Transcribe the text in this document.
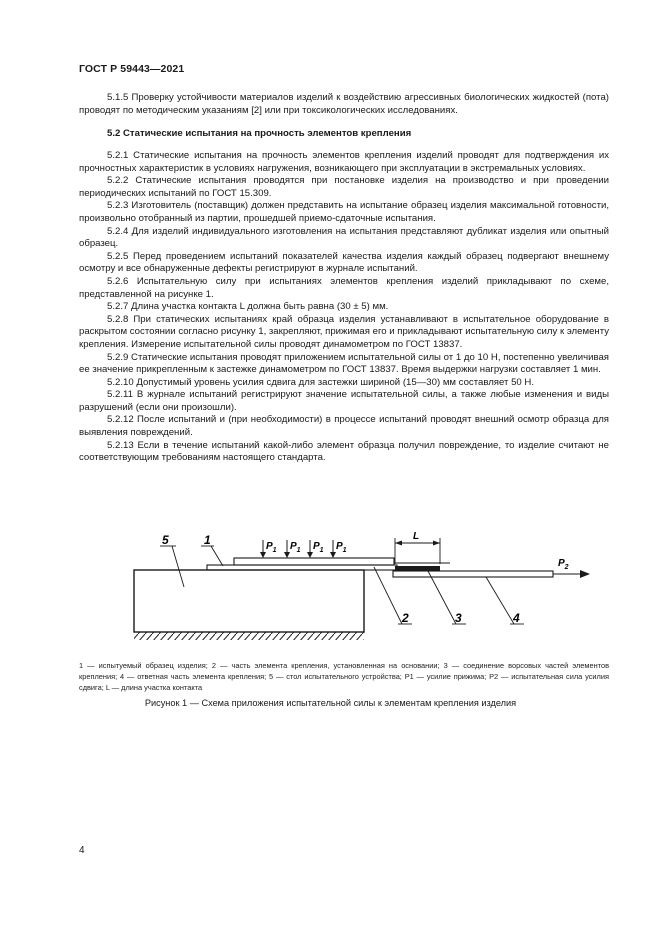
ГОСТ Р 59443—2021

5.1.5 Проверку устойчивости материалов изделий к воздействию агрессивных биологических жидкостей (пота) проводят по методическим указаниям [2] или при токсикологических исследованиях.

5.2 Статические испытания на прочность элементов крепления

5.2.1 Статические испытания на прочность элементов крепления изделий проводят для подтверждения их прочностных характеристик в условиях нагружения, возникающего при эксплуатации в экстремальных условиях.

5.2.2 Статические испытания проводятся при постановке изделия на производство и при проведении периодических испытаний по ГОСТ 15.309.

5.2.3 Изготовитель (поставщик) должен представить на испытание образец изделия максимальной готовности, произвольно отобранный из партии, прошедшей приемо-сдаточные испытания.

5.2.4 Для изделий индивидуального изготовления на испытания представляют дубликат изделия или опытный образец.

5.2.5 Перед проведением испытаний показателей качества изделия каждый образец подвергают внешнему осмотру и все обнаруженные дефекты регистрируют в журнале испытаний.

5.2.6 Испытательную силу при испытаниях элементов крепления изделий прикладывают по схеме, представленной на рисунке 1.

5.2.7 Длина участка контакта L должна быть равна (30 ± 5) мм.

5.2.8 При статических испытаниях край образца изделия устанавливают в испытательное оборудование в раскрытом состоянии согласно рисунку 1, закрепляют, прижимая его и прикладывают испытательную силу к элементу крепления. Измерение испытательной силы проводят динамометром по ГОСТ 13837.

5.2.9 Статические испытания проводят приложением испытательной силы от 1 до 10 Н, постепенно увеличивая ее значение прикрепленным к застежке динамометром по ГОСТ 13837. Время выдержки нагрузки составляет 1 мин.

5.2.10 Допустимый уровень усилия сдвига для застежки шириной (15—30) мм составляет 50 Н.

5.2.11 В журнале испытаний регистрируют значение испытательной силы, а также любые изменения и виды разрушений (если они произошли).

5.2.12 После испытаний и (при необходимости) в процессе испытаний проводят внешний осмотр образца для выявления повреждений.

5.2.13 Если в течение испытаний какой-либо элемент образца получил повреждение, то изделие считают не соответствующим требованиям настоящего стандарта.

$P_1$ $P_1$ $P_1$ $P_1$
$P_2$
L
5	1
2	3	4
1 — испытуемый образец изделия; 2 — часть элемента крепления, установленная на основании; 3 — соединение ворсовых частей элементов крепления; 4 — ответная часть элемента крепления; 5 — стол испытательного устройства; P1 — усилие прижима; P2 — испытательная сила усилия сдвига; L — длина участка контакта
Рисунок 1 — Схема приложения испытательной силы к элементам крепления изделия
4
